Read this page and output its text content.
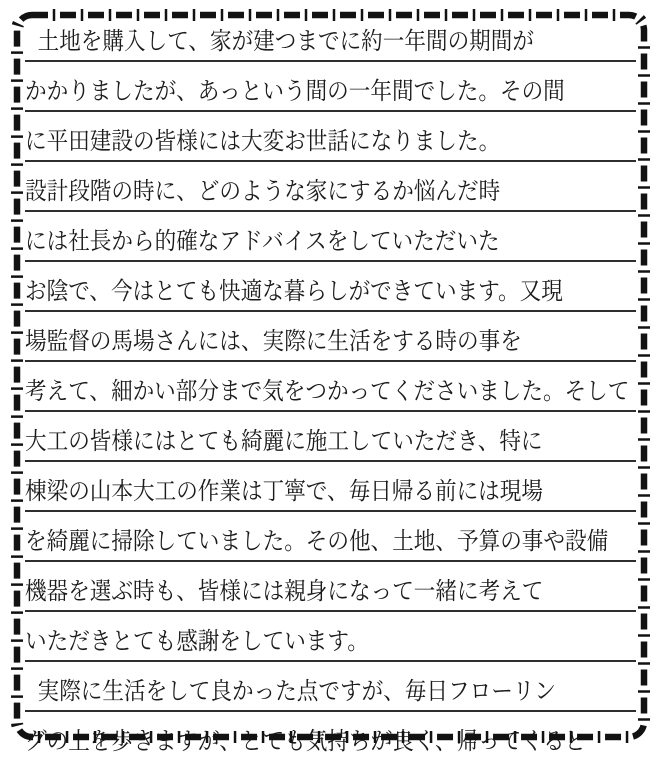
土地を購入して、家が建つまでに約一年間の期間が
かかりましたが、あっという間の一年間でした。その間
に平田建設の皆様には大変お世話になりました。
設計段階の時に、どのような家にするか悩んだ時
には社長から的確なアドバイスをしていただいた
お陰で、今はとても快適な暮らしができています。又現
場監督の馬場さんには、実際に生活をする時の事を
考えて、細かい部分まで気をつかってくださいました。そして
大工の皆様にはとても綺麗に施工していただき、特に
棟梁の山本大工の作業は丁寧で、毎日帰る前には現場
を綺麗に掃除していました。その他、土地、予算の事や設備
機器を選ぶ時も、皆様には親身になって一緒に考えて
いただきとても感謝をしています。
実際に生活をして良かった点ですが、毎日フローリン
グの上を歩きますが、とても気持ちが良く、帰ってくると
